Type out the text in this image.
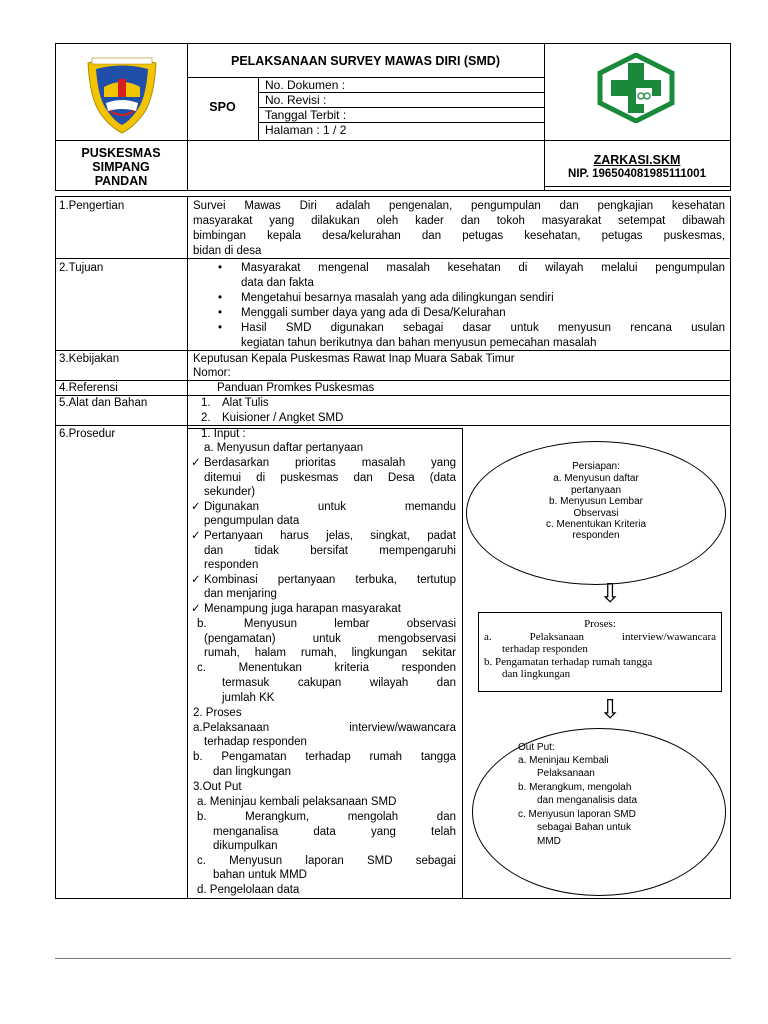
PELAKSANAAN SURVEY MAWAS DIRI (SMD)
SPO
No. Dokumen :
No. Revisi :
Tanggal Terbit :
Halaman : 1 / 2
PUSKESMAS
SIMPANG
PANDAN
ZARKASI.SKM
NIP. 196504081985111001
1.Pengertian	Survei Mawas Diri adalah pengenalan, pengumpulan dan pengkajian kesehatan
masyarakat yang dilakukan oleh kader dan tokoh masyarakat setempat dibawah
bimbingan kepala desa/kelurahan dan petugas kesehatan, petugas puskesmas,
bidan di desa
2.Tujuan	• Masyarakat mengenal masalah kesehatan di wilayah melalui pengumpulan
data dan fakta
• Mengetahui besarnya masalah yang ada dilingkungan sendiri
• Menggali sumber daya yang ada di Desa/Kelurahan
• Hasil SMD digunakan sebagai dasar untuk menyusun rencana usulan
kegiatan tahun berikutnya dan bahan menyusun pemecahan masalah
3.Kebijakan	Keputusan Kepala Puskesmas Rawat Inap Muara Sabak Timur
Nomor:
4.Referensi	Panduan Promkes Puskesmas
5.Alat dan Bahan	1. Alat Tulis
2. Kuisioner / Angket SMD
6.Prosedur	1. Input :
a. Menyusun daftar pertanyaan
✓ Berdasarkan prioritas masalah yang
ditemui di puskesmas dan Desa (data
sekunder)
✓ Digunakan untuk memandu
pengumpulan data
✓ Pertanyaan harus jelas, singkat, padat
dan tidak bersifat mempengaruhi
responden
✓ Kombinasi pertanyaan terbuka, tertutup
dan menjaring
✓ Menampung juga harapan masyarakat
b. Menyusun lembar observasi
(pengamatan) untuk mengobservasi
rumah, halam rumah, lingkungan sekitar
c. Menentukan kriteria responden
termasuk cakupan wilayah dan
jumlah KK
2. Proses
a.Pelaksanaan interview/wawancara
terhadap responden
b. Pengamatan terhadap rumah tangga
dan lingkungan
3.Out Put
a. Meninjau kembali pelaksanaan SMD
b. Merangkum, mengolah dan
menganalisa data yang telah
dikumpulkan
c. Menyusun laporan SMD sebagai
bahan untuk MMD
d. Pengelolaan data
Persiapan:
a. Menyusun daftar
pertanyaan
b. Menyusun Lembar
Observasi
c. Menentukan Kriteria
responden
⇩
Proses:
a. Pelaksanaan interview/wawancara
terhadap responden
b. Pengamatan terhadap rumah tangga
dan lingkungan
⇩
Out Put:
a. Meninjau Kembali
Pelaksanaan
b. Merangkum, mengolah
dan menganalisis data
c. Menyusun laporan SMD
sebagai Bahan untuk
MMD
